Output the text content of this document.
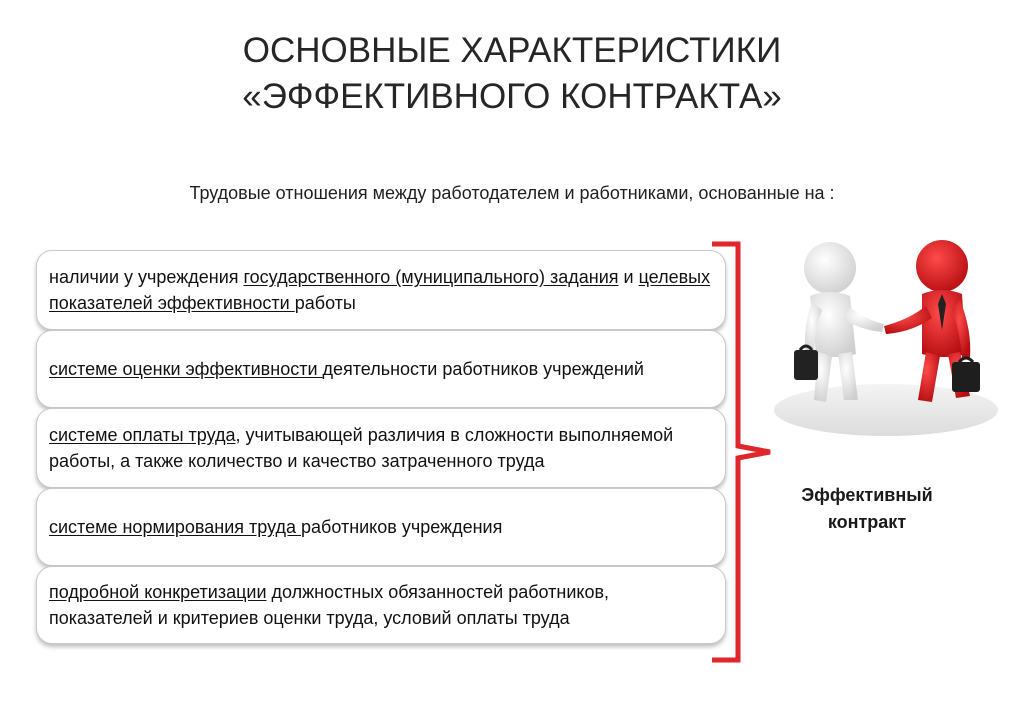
ОСНОВНЫЕ ХАРАКТЕРИСТИКИ
«ЭФФЕКТИВНОГО КОНТРАКТА»
Трудовые отношения между работодателем и работниками, основанные на :
наличии у учреждения государственного (муниципального) задания и целевых показателей эффективности работы
системе оценки эффективности деятельности работников учреждений
системе оплаты труда, учитывающей различия в сложности выполняемой работы, а также количество и качество затраченного труда
системе нормирования труда работников учреждения
подробной конкретизации должностных обязанностей работников, показателей и критериев оценки труда, условий оплаты труда
Эффективный
контракт
